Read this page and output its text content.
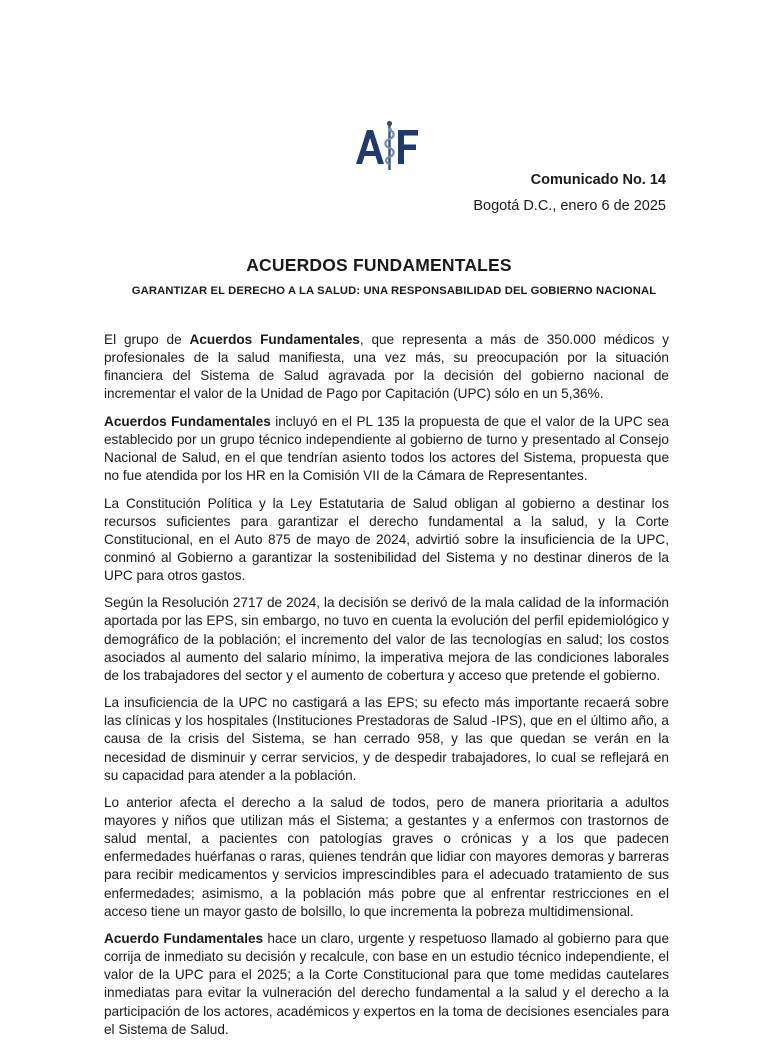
Comunicado No. 14
Bogotá D.C., enero 6 de 2025
ACUERDOS FUNDAMENTALES
GARANTIZAR EL DERECHO A LA SALUD: UNA RESPONSABILIDAD DEL GOBIERNO NACIONAL

El grupo de Acuerdos Fundamentales, que representa a más de 350.000 médicos y profesionales de la salud manifiesta, una vez más, su preocupación por la situación financiera del Sistema de Salud agravada por la decisión del gobierno nacional de incrementar el valor de la Unidad de Pago por Capitación (UPC) sólo en un 5,36%.

Acuerdos Fundamentales incluyó en el PL 135 la propuesta de que el valor de la UPC sea establecido por un grupo técnico independiente al gobierno de turno y presentado al Consejo Nacional de Salud, en el que tendrían asiento todos los actores del Sistema, propuesta que no fue atendida por los HR en la Comisión VII de la Cámara de Representantes.

La Constitución Política y la Ley Estatutaria de Salud obligan al gobierno a destinar los recursos suficientes para garantizar el derecho fundamental a la salud, y la Corte Constitucional, en el Auto 875 de mayo de 2024, advirtió sobre la insuficiencia de la UPC, conminó al Gobierno a garantizar la sostenibilidad del Sistema y no destinar dineros de la UPC para otros gastos.

Según la Resolución 2717 de 2024, la decisión se derivó de la mala calidad de la información aportada por las EPS, sin embargo, no tuvo en cuenta la evolución del perfil epidemiológico y demográfico de la población; el incremento del valor de las tecnologías en salud; los costos asociados al aumento del salario mínimo, la imperativa mejora de las condiciones laborales de los trabajadores del sector y el aumento de cobertura y acceso que pretende el gobierno.

La insuficiencia de la UPC no castigará a las EPS; su efecto más importante recaerá sobre las clínicas y los hospitales (Instituciones Prestadoras de Salud -IPS), que en el último año, a causa de la crisis del Sistema, se han cerrado 958, y las que quedan se verán en la necesidad de disminuir y cerrar servicios, y de despedir trabajadores, lo cual se reflejará en su capacidad para atender a la población.

Lo anterior afecta el derecho a la salud de todos, pero de manera prioritaria a adultos mayores y niños que utilizan más el Sistema; a gestantes y a enfermos con trastornos de salud mental, a pacientes con patologías graves o crónicas y a los que padecen enfermedades huérfanas o raras, quienes tendrán que lidiar con mayores demoras y barreras para recibir medicamentos y servicios imprescindibles para el adecuado tratamiento de sus enfermedades; asimismo, a la población más pobre que al enfrentar restricciones en el acceso tiene un mayor gasto de bolsillo, lo que incrementa la pobreza multidimensional.

Acuerdo Fundamentales hace un claro, urgente y respetuoso llamado al gobierno para que corrija de inmediato su decisión y recalcule, con base en un estudio técnico independiente, el valor de la UPC para el 2025; a la Corte Constitucional para que tome medidas cautelares inmediatas para evitar la vulneración del derecho fundamental a la salud y el derecho a la participación de los actores, académicos y expertos en la toma de decisiones esenciales para el Sistema de Salud.
